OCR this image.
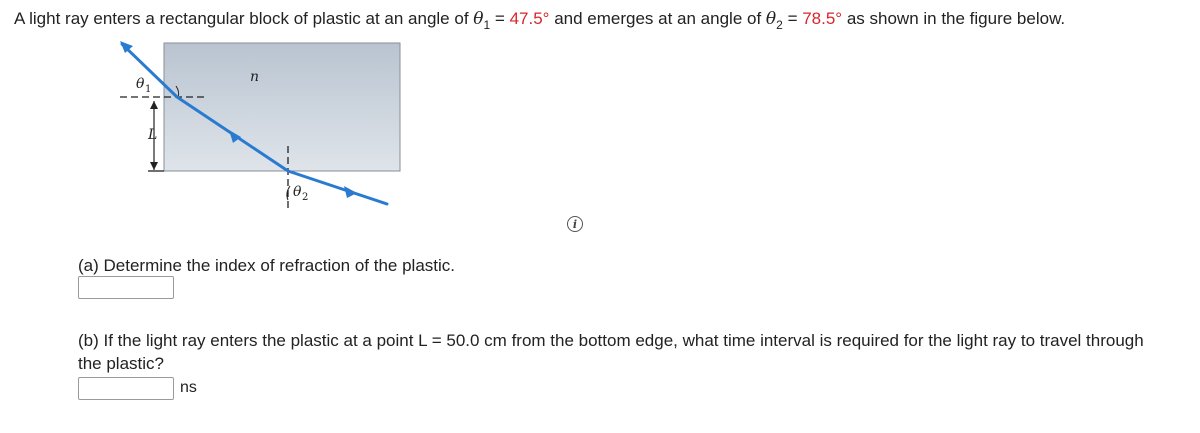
A light ray enters a rectangular block of plastic at an angle of $\theta_1 = 47.5^\circ$ and emerges at an angle of $\theta_2 = 78.5^\circ$ as shown in the figure below.
n
θ 1
L
θ 2
i
(a) Determine the index of refraction of the plastic.
(b) If the light ray enters the plastic at a point L = 50.0 cm from the bottom edge, what time interval is required for the light ray to travel through the plastic?
ns
